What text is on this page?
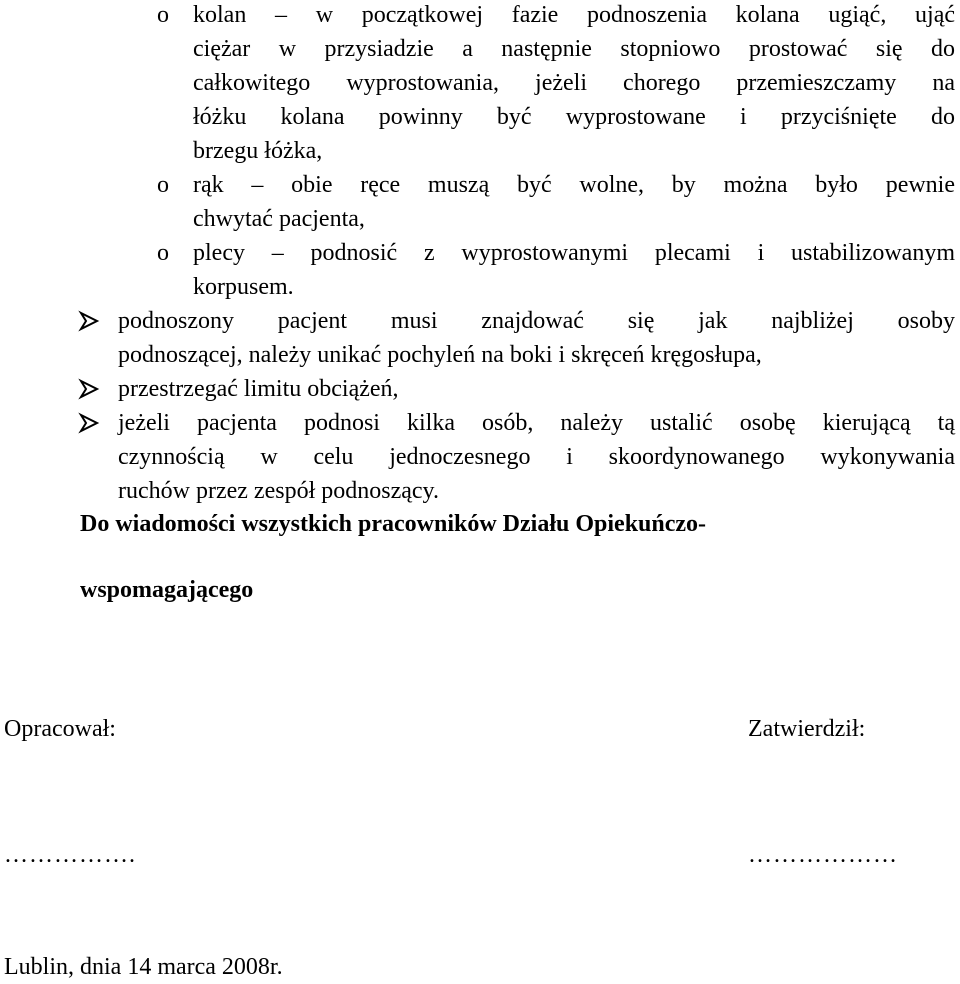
o kolan – w początkowej fazie podnoszenia kolana ugiąć, ująć
ciężar w przysiadzie a następnie stopniowo prostować się do
całkowitego wyprostowania, jeżeli chorego przemieszczamy na
łóżku kolana powinny być wyprostowane i przyciśnięte do
brzegu łóżka,
o rąk – obie ręce muszą być wolne, by można było pewnie
chwytać pacjenta,
o plecy – podnosić z wyprostowanymi plecami i ustabilizowanym
korpusem.
podnoszony pacjent musi znajdować się jak najbliżej osoby
podnoszącej, należy unikać pochyleń na boki i skręceń kręgosłupa,
przestrzegać limitu obciążeń,
jeżeli pacjenta podnosi kilka osób, należy ustalić osobę kierującą tą
czynnością w celu jednoczesnego i skoordynowanego wykonywania
ruchów przez zespół podnoszący.
Do wiadomości wszystkich pracowników Działu Opiekuńczo-
wspomagającego
Opracował:	Zatwierdził:
…………….	………………
Lublin, dnia 14 marca 2008r.
